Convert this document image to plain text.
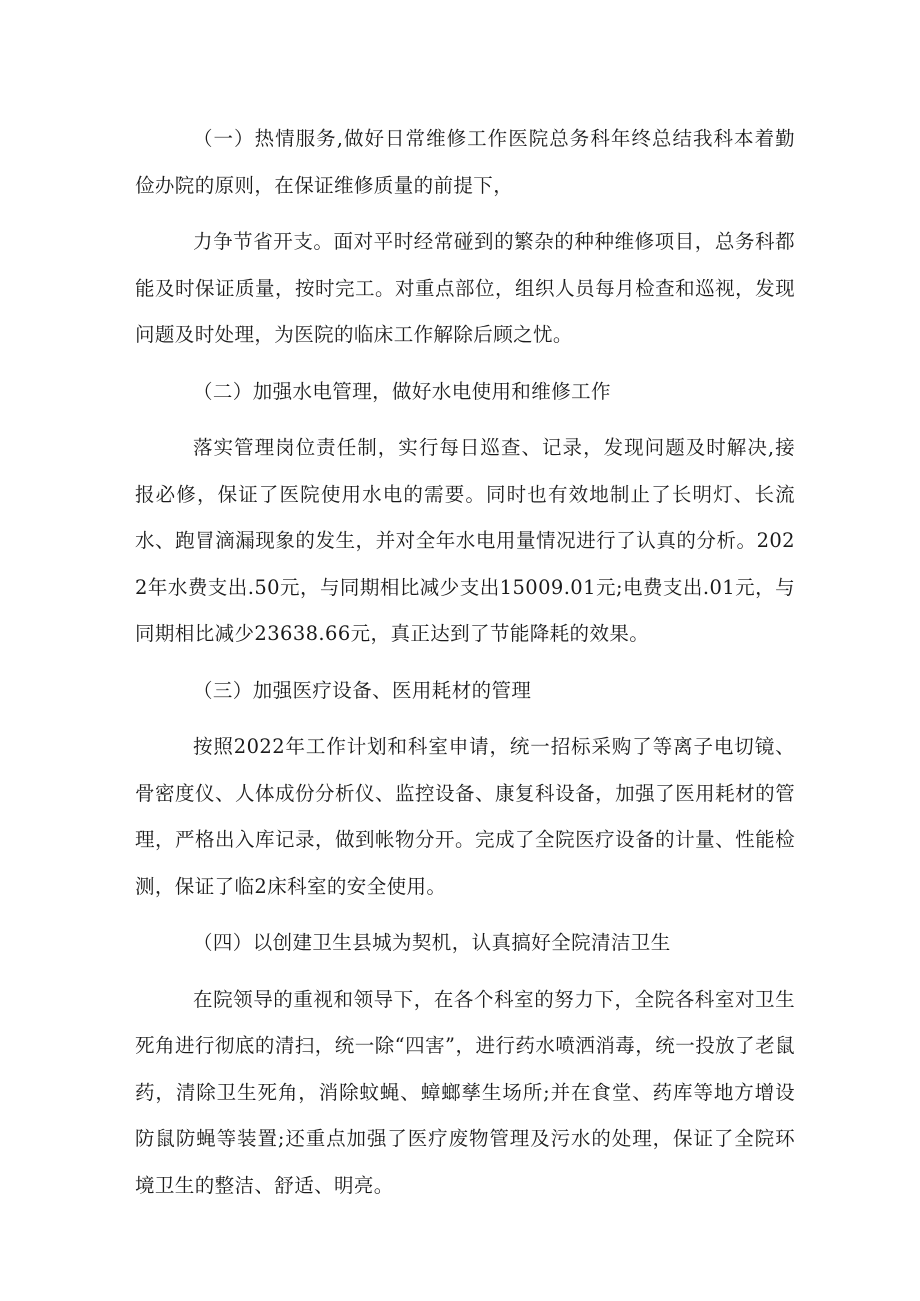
（一）热情服务,做好日常维修工作医院总务科年终总结我科本着勤俭办院的原则，在保证维修质量的前提下，

力争节省开支。面对平时经常碰到的繁杂的种种维修项目，总务科都能及时保证质量，按时完工。对重点部位，组织人员每月检查和巡视，发现问题及时处理，为医院的临床工作解除后顾之忧。

（二）加强水电管理，做好水电使用和维修工作

落实管理岗位责任制，实行每日巡查、记录，发现问题及时解决,接报必修，保证了医院使用水电的需要。同时也有效地制止了长明灯、长流水、跑冒滴漏现象的发生，并对全年水电用量情况进行了认真的分析。2022年水费支出.50元，与同期相比减少支出15009.01元;电费支出.01元，与同期相比减少23638.66元，真正达到了节能降耗的效果。

（三）加强医疗设备、医用耗材的管理

按照2022年工作计划和科室申请，统一招标采购了等离子电切镜、骨密度仪、人体成份分析仪、监控设备、康复科设备，加强了医用耗材的管理，严格出入库记录，做到帐物分开。完成了全院医疗设备的计量、性能检测，保证了临2床科室的安全使用。

（四）以创建卫生县城为契机，认真搞好全院清洁卫生

在院领导的重视和领导下，在各个科室的努力下，全院各科室对卫生死角进行彻底的清扫，统一除“四害”，进行药水喷洒消毒，统一投放了老鼠药，清除卫生死角，消除蚊蝇、蟑螂孳生场所;并在食堂、药库等地方增设防鼠防蝇等装置;还重点加强了医疗废物管理及污水的处理，保证了全院环境卫生的整洁、舒适、明亮。
